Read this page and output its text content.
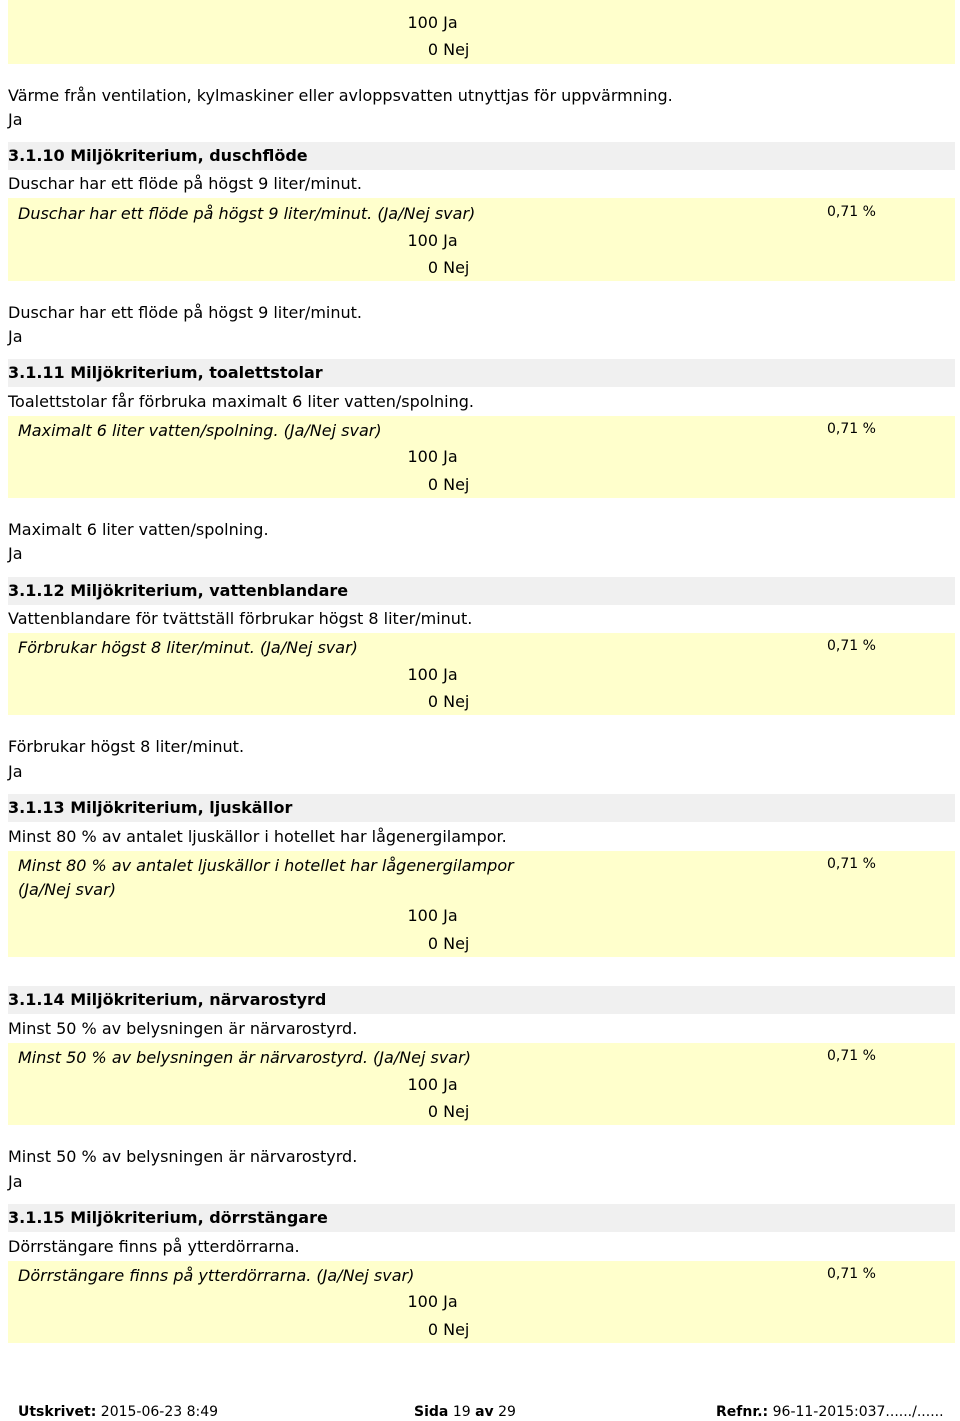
100 Ja
0 Nej
Värme från ventilation, kylmaskiner eller avloppsvatten utnyttjas för uppvärmning.
Ja
3.1.10 Miljökriterium, duschflöde
Duschar har ett flöde på högst 9 liter/minut.
Duschar har ett flöde på högst 9 liter/minut. (Ja/Nej svar)	0,71 %
100 Ja
0 Nej
Duschar har ett flöde på högst 9 liter/minut.
Ja
3.1.11 Miljökriterium, toalettstolar
Toalettstolar får förbruka maximalt 6 liter vatten/spolning.
Maximalt 6 liter vatten/spolning. (Ja/Nej svar)	0,71 %
100 Ja
0 Nej
Maximalt 6 liter vatten/spolning.
Ja
3.1.12 Miljökriterium, vattenblandare
Vattenblandare för tvättställ förbrukar högst 8 liter/minut.
Förbrukar högst 8 liter/minut. (Ja/Nej svar)	0,71 %
100 Ja
0 Nej
Förbrukar högst 8 liter/minut.
Ja
3.1.13 Miljökriterium, ljuskällor
Minst 80 % av antalet ljuskällor i hotellet har lågenergilampor.
Minst 80 % av antalet ljuskällor i hotellet har lågenergilampor (Ja/Nej svar)
0,71 %
100 Ja
0 Nej
3.1.14 Miljökriterium, närvarostyrd
Minst 50 % av belysningen är närvarostyrd.
Minst 50 % av belysningen är närvarostyrd. (Ja/Nej svar)	0,71 %
100 Ja
0 Nej
Minst 50 % av belysningen är närvarostyrd.
Ja
3.1.15 Miljökriterium, dörrstängare
Dörrstängare finns på ytterdörrarna.
Dörrstängare finns på ytterdörrarna. (Ja/Nej svar)	0,71 %
100 Ja
0 Nej
Utskrivet: 2015-06-23 8:49	Sida 19 av 29	Refnr.: 96-11-2015:037....../......
